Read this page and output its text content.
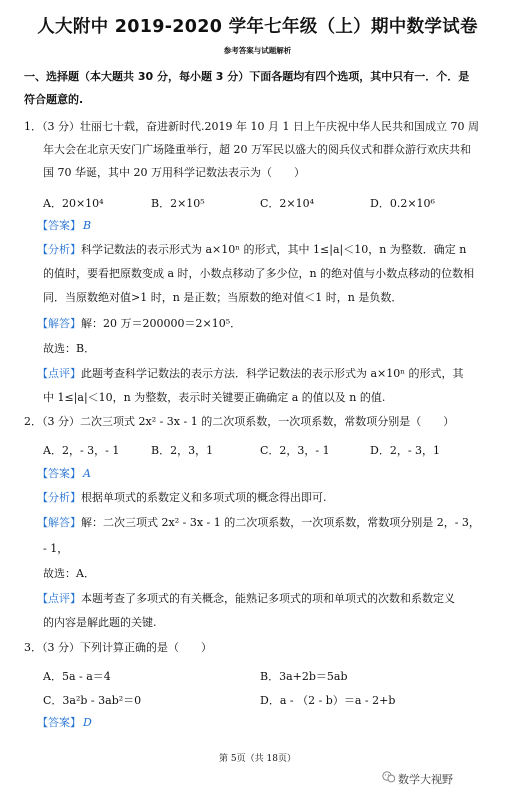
人大附中 2019-2020 学年七年级（上）期中数学试卷
参考答案与试题解析
一、选择题（本大题共 30 分，每小题 3 分）下面各题均有四个选项，其中只有一．个．是
符合题意的.
1．（3 分）壮丽七十载，奋进新时代.2019 年 10 月 1 日上午庆祝中华人民共和国成立 70 周
年大会在北京天安门广场隆重举行，超 20 万军民以盛大的阅兵仪式和群众游行欢庆共和
国 70 华诞，其中 20 万用科学记数法表示为（　　）
A．20×10⁴	B．2×10⁵	C．2×10⁴	D．0.2×10⁶
【答案】 B
【分析】科学记数法的表示形式为 a×10ⁿ 的形式，其中 1≤|a|＜10，n 为整数．确定 n
的值时，要看把原数变成 a 时，小数点移动了多少位，n 的绝对值与小数点移动的位数相
同．当原数绝对值>1 时，n 是正数；当原数的绝对值＜1 时，n 是负数．
【解答】解：20 万＝200000＝2×10⁵．
故选：B．
【点评】此题考查科学记数法的表示方法．科学记数法的表示形式为 a×10ⁿ 的形式，其
中 1≤|a|＜10，n 为整数，表示时关键要正确确定 a 的值以及 n 的值.
2．（3 分）二次三项式 2x² - 3x - 1 的二次项系数，一次项系数，常数项分别是（　　）
A．2，- 3，- 1	B．2，3，1	C．2，3，- 1	D．2，- 3，1
【答案】 A
【分析】根据单项式的系数定义和多项式项的概念得出即可.
【解答】解：二次三项式 2x² - 3x - 1 的二次项系数，一次项系数，常数项分别是 2，- 3，
- 1，
故选：A．
【点评】本题考查了多项式的有关概念，能熟记多项式的项和单项式的次数和系数定义
的内容是解此题的关键.
3．（3 分）下列计算正确的是（　　）
A．5a - a＝4	B．3a+2b＝5ab
C．3a²b - 3ab²＝0	D．a - （2 - b）＝a - 2+b
【答案】 D
第 5页（共 18页）
数学大视野
